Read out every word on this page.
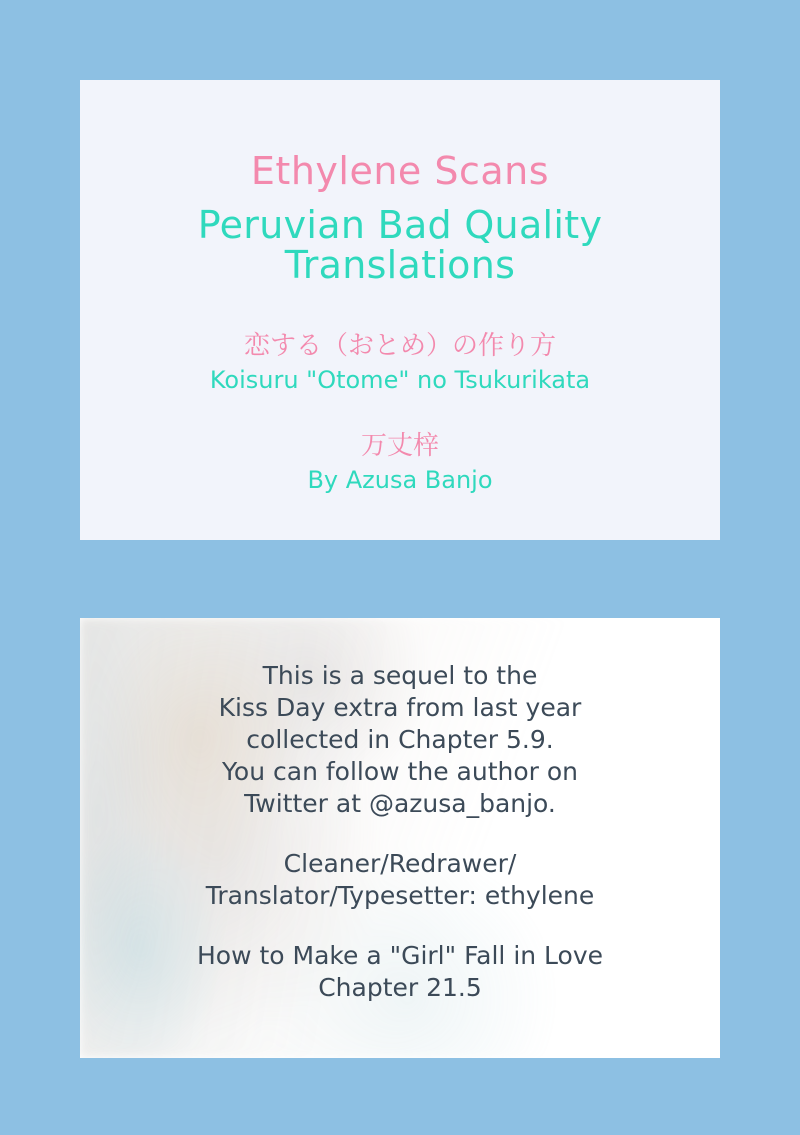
Ethylene Scans
Peruvian Bad Quality Translations

恋する（おとめ）の作り方

Koisuru "Otome" no Tsukurikata

万丈梓

By Azusa Banjo

This is a sequel to the
Kiss Day extra from last year
collected in Chapter 5.9.
You can follow the author on
Twitter at @azusa_banjo.

Cleaner/Redrawer/
Translator/Typesetter: ethylene

How to Make a "Girl" Fall in Love
Chapter 21.5
